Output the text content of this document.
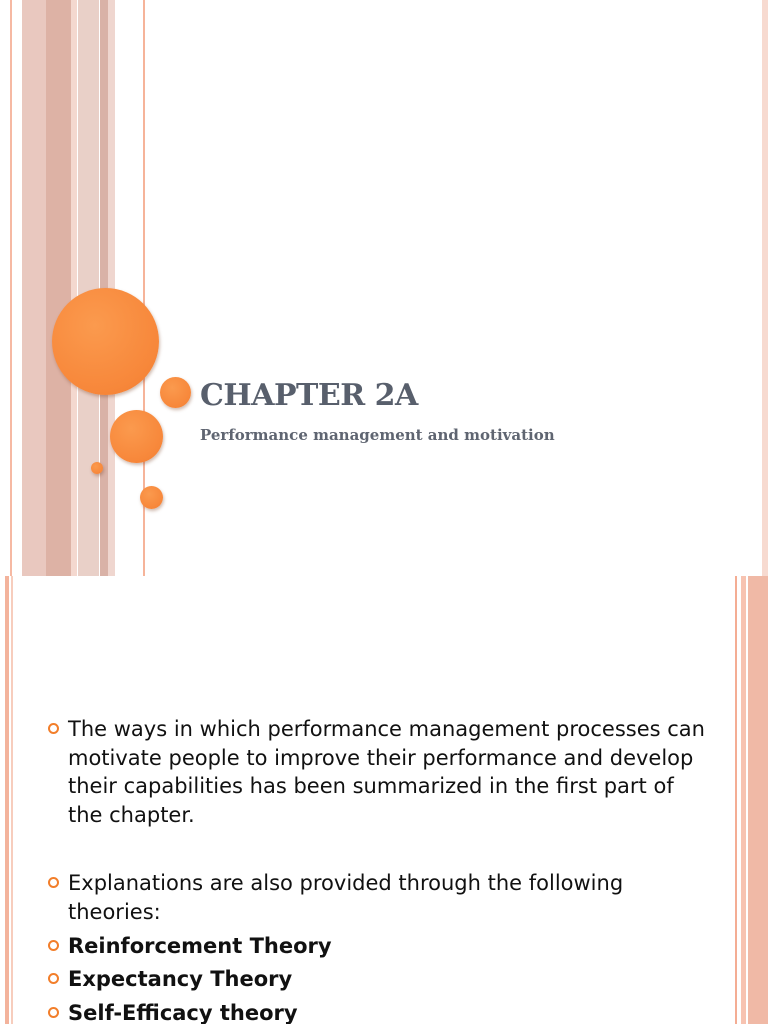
CHAPTER 2A
Performance management and motivation
The ways in which performance management processes can motivate people to improve their performance and develop their capabilities has been summarized in the first part of the chapter.
Explanations are also provided through the following theories:
Reinforcement Theory
Expectancy Theory
Self-Efficacy theory
